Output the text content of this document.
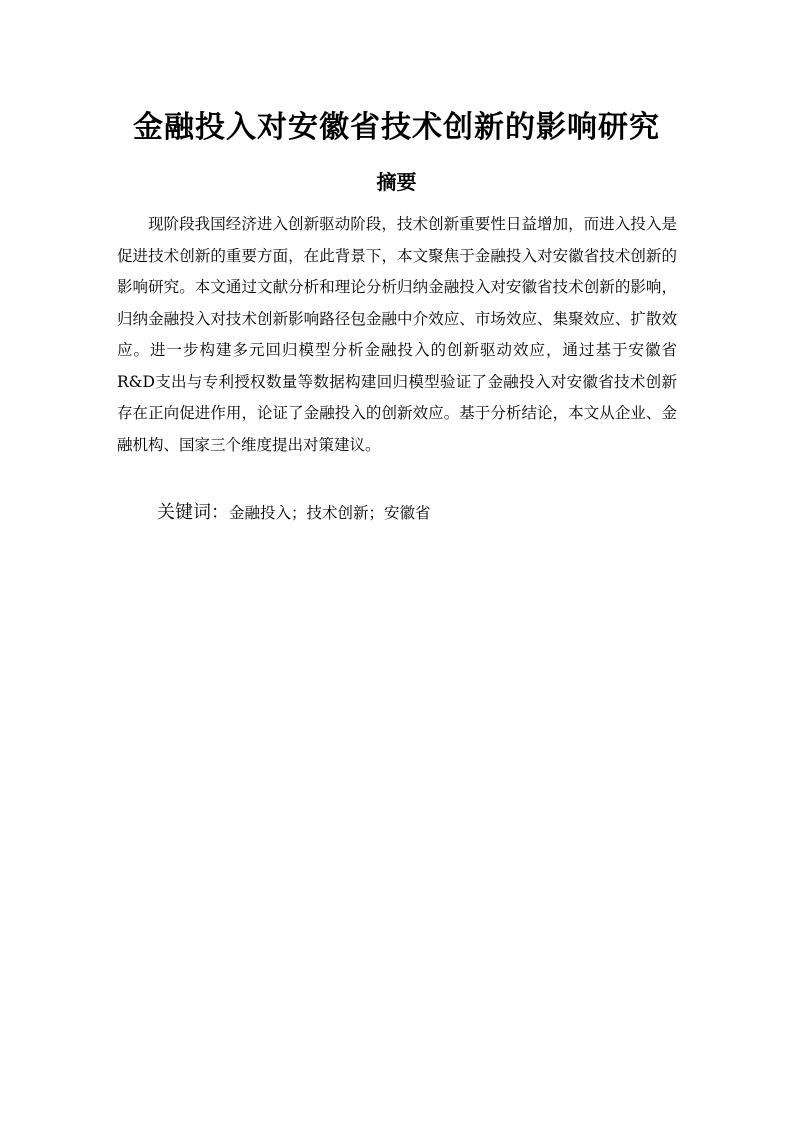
金融投入对安徽省技术创新的影响研究
摘要

现阶段我国经济进入创新驱动阶段，技术创新重要性日益增加，而进入投入是促进技术创新的重要方面，在此背景下，本文聚焦于金融投入对安徽省技术创新的影响研究。本文通过文献分析和理论分析归纳金融投入对安徽省技术创新的影响，归纳金融投入对技术创新影响路径包金融中介效应、市场效应、集聚效应、扩散效应。进一步构建多元回归模型分析金融投入的创新驱动效应，通过基于安徽省R&D支出与专利授权数量等数据构建回归模型验证了金融投入对安徽省技术创新存在正向促进作用，论证了金融投入的创新效应。基于分析结论，本文从企业、金融机构、国家三个维度提出对策建议。

关键词：金融投入；技术创新；安徽省
